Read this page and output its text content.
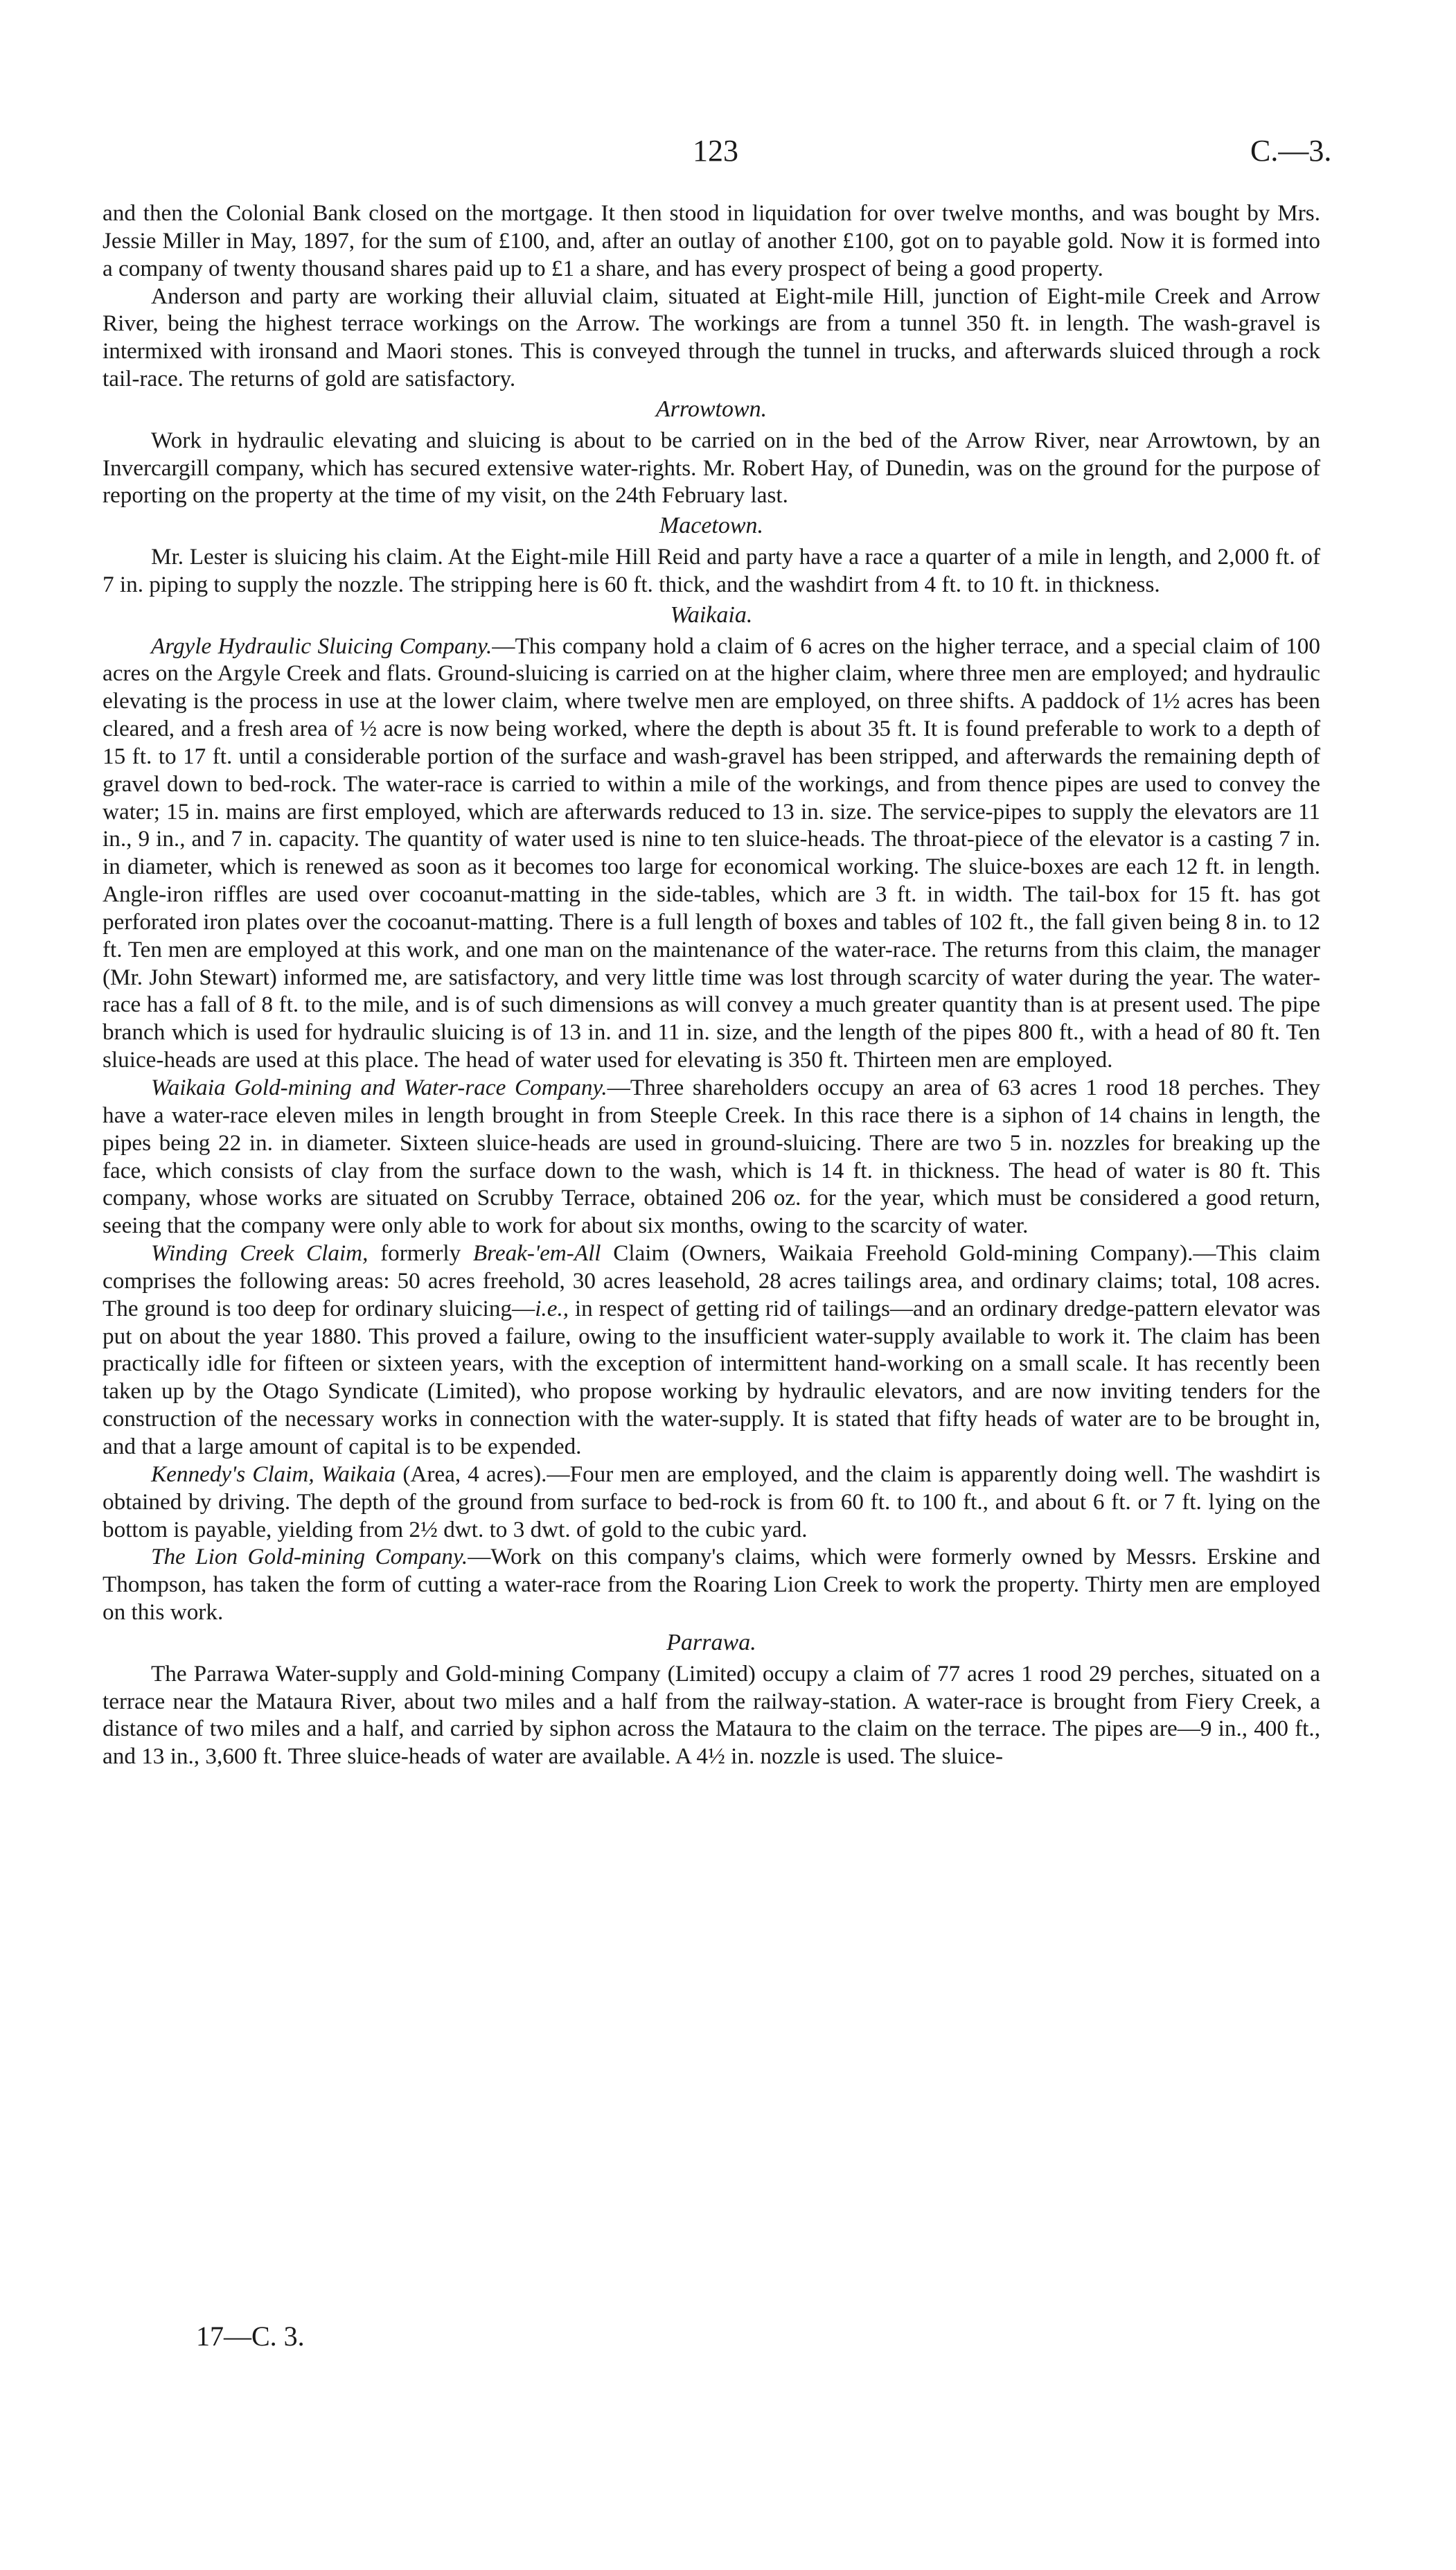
123	C.—3.

and then the Colonial Bank closed on the mortgage. It then stood in liquidation for over twelve months, and was bought by Mrs. Jessie Miller in May, 1897, for the sum of £100, and, after an outlay of another £100, got on to payable gold. Now it is formed into a company of twenty thousand shares paid up to £1 a share, and has every prospect of being a good property.

Anderson and party are working their alluvial claim, situated at Eight-mile Hill, junction of Eight-mile Creek and Arrow River, being the highest terrace workings on the Arrow. The workings are from a tunnel 350 ft. in length. The wash-gravel is intermixed with ironsand and Maori stones. This is conveyed through the tunnel in trucks, and afterwards sluiced through a rock tail-race. The returns of gold are satisfactory.

Arrowtown.

Work in hydraulic elevating and sluicing is about to be carried on in the bed of the Arrow River, near Arrowtown, by an Invercargill company, which has secured extensive water-rights. Mr. Robert Hay, of Dunedin, was on the ground for the purpose of reporting on the property at the time of my visit, on the 24th February last.

Macetown.

Mr. Lester is sluicing his claim. At the Eight-mile Hill Reid and party have a race a quarter of a mile in length, and 2,000 ft. of 7 in. piping to supply the nozzle. The stripping here is 60 ft. thick, and the washdirt from 4 ft. to 10 ft. in thickness.

Waikaia.

Argyle Hydraulic Sluicing Company.—This company hold a claim of 6 acres on the higher terrace, and a special claim of 100 acres on the Argyle Creek and flats. Ground-sluicing is carried on at the higher claim, where three men are employed; and hydraulic elevating is the process in use at the lower claim, where twelve men are employed, on three shifts. A paddock of 1½ acres has been cleared, and a fresh area of ½ acre is now being worked, where the depth is about 35 ft. It is found preferable to work to a depth of 15 ft. to 17 ft. until a considerable portion of the surface and wash-gravel has been stripped, and afterwards the remaining depth of gravel down to bed-rock. The water-race is carried to within a mile of the workings, and from thence pipes are used to convey the water; 15 in. mains are first employed, which are afterwards reduced to 13 in. size. The service-pipes to supply the elevators are 11 in., 9 in., and 7 in. capacity. The quantity of water used is nine to ten sluice-heads. The throat-piece of the elevator is a casting 7 in. in diameter, which is renewed as soon as it becomes too large for economical working. The sluice-boxes are each 12 ft. in length. Angle-iron riffles are used over cocoanut-matting in the side-tables, which are 3 ft. in width. The tail-box for 15 ft. has got perforated iron plates over the cocoanut-matting. There is a full length of boxes and tables of 102 ft., the fall given being 8 in. to 12 ft. Ten men are employed at this work, and one man on the maintenance of the water-race. The returns from this claim, the manager (Mr. John Stewart) informed me, are satisfactory, and very little time was lost through scarcity of water during the year. The water-race has a fall of 8 ft. to the mile, and is of such dimensions as will convey a much greater quantity than is at present used. The pipe branch which is used for hydraulic sluicing is of 13 in. and 11 in. size, and the length of the pipes 800 ft., with a head of 80 ft. Ten sluice-heads are used at this place. The head of water used for elevating is 350 ft. Thirteen men are employed.

Waikaia Gold-mining and Water-race Company.—Three shareholders occupy an area of 63 acres 1 rood 18 perches. They have a water-race eleven miles in length brought in from Steeple Creek. In this race there is a siphon of 14 chains in length, the pipes being 22 in. in diameter. Sixteen sluice-heads are used in ground-sluicing. There are two 5 in. nozzles for breaking up the face, which consists of clay from the surface down to the wash, which is 14 ft. in thickness. The head of water is 80 ft. This company, whose works are situated on Scrubby Terrace, obtained 206 oz. for the year, which must be considered a good return, seeing that the company were only able to work for about six months, owing to the scarcity of water.

Winding Creek Claim, formerly Break-'em-All Claim (Owners, Waikaia Freehold Gold-mining Company).—This claim comprises the following areas: 50 acres freehold, 30 acres leasehold, 28 acres tailings area, and ordinary claims; total, 108 acres. The ground is too deep for ordinary sluicing—i.e., in respect of getting rid of tailings—and an ordinary dredge-pattern elevator was put on about the year 1880. This proved a failure, owing to the insufficient water-supply available to work it. The claim has been practically idle for fifteen or sixteen years, with the exception of intermittent hand-working on a small scale. It has recently been taken up by the Otago Syndicate (Limited), who propose working by hydraulic elevators, and are now inviting tenders for the construction of the necessary works in connection with the water-supply. It is stated that fifty heads of water are to be brought in, and that a large amount of capital is to be expended.

Kennedy's Claim, Waikaia (Area, 4 acres).—Four men are employed, and the claim is apparently doing well. The washdirt is obtained by driving. The depth of the ground from surface to bed-rock is from 60 ft. to 100 ft., and about 6 ft. or 7 ft. lying on the bottom is payable, yielding from 2½ dwt. to 3 dwt. of gold to the cubic yard.

The Lion Gold-mining Company.—Work on this company's claims, which were formerly owned by Messrs. Erskine and Thompson, has taken the form of cutting a water-race from the Roaring Lion Creek to work the property. Thirty men are employed on this work.

Parrawa.

The Parrawa Water-supply and Gold-mining Company (Limited) occupy a claim of 77 acres 1 rood 29 perches, situated on a terrace near the Mataura River, about two miles and a half from the railway-station. A water-race is brought from Fiery Creek, a distance of two miles and a half, and carried by siphon across the Mataura to the claim on the terrace. The pipes are—9 in., 400 ft., and 13 in., 3,600 ft. Three sluice-heads of water are available. A 4½ in. nozzle is used. The sluice-

17—C. 3.
